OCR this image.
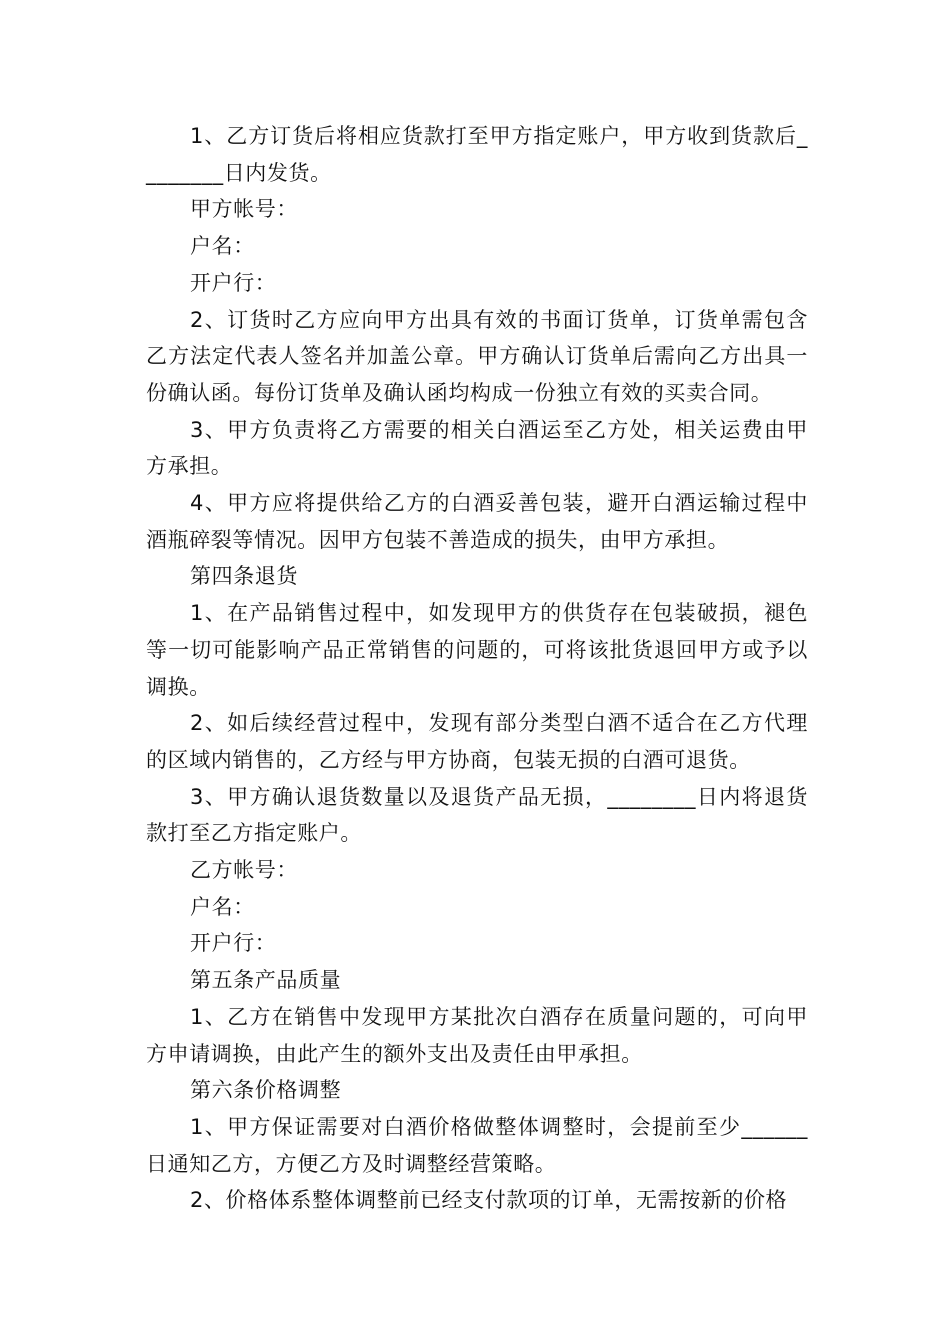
1、乙方订货后将相应货款打至甲方指定账户，甲方收到货款后________日内发货。

甲方帐号：

户名：

开户行：

2、订货时乙方应向甲方出具有效的书面订货单，订货单需包含乙方法定代表人签名并加盖公章。甲方确认订货单后需向乙方出具一份确认函。每份订货单及确认函均构成一份独立有效的买卖合同。

3、甲方负责将乙方需要的相关白酒运至乙方处，相关运费由甲方承担。

4、甲方应将提供给乙方的白酒妥善包装，避开白酒运输过程中酒瓶碎裂等情况。因甲方包装不善造成的损失，由甲方承担。

第四条退货

1、在产品销售过程中，如发现甲方的供货存在包装破损，褪色等一切可能影响产品正常销售的问题的，可将该批货退回甲方或予以调换。

2、如后续经营过程中，发现有部分类型白酒不适合在乙方代理的区域内销售的，乙方经与甲方协商，包装无损的白酒可退货。

3、甲方确认退货数量以及退货产品无损，________日内将退货款打至乙方指定账户。

乙方帐号：

户名：

开户行：

第五条产品质量

1、乙方在销售中发现甲方某批次白酒存在质量问题的，可向甲方申请调换，由此产生的额外支出及责任由甲承担。

第六条价格调整

1、甲方保证需要对白酒价格做整体调整时，会提前至少______日通知乙方，方便乙方及时调整经营策略。

2、价格体系整体调整前已经支付款项的订单，无需按新的价格
